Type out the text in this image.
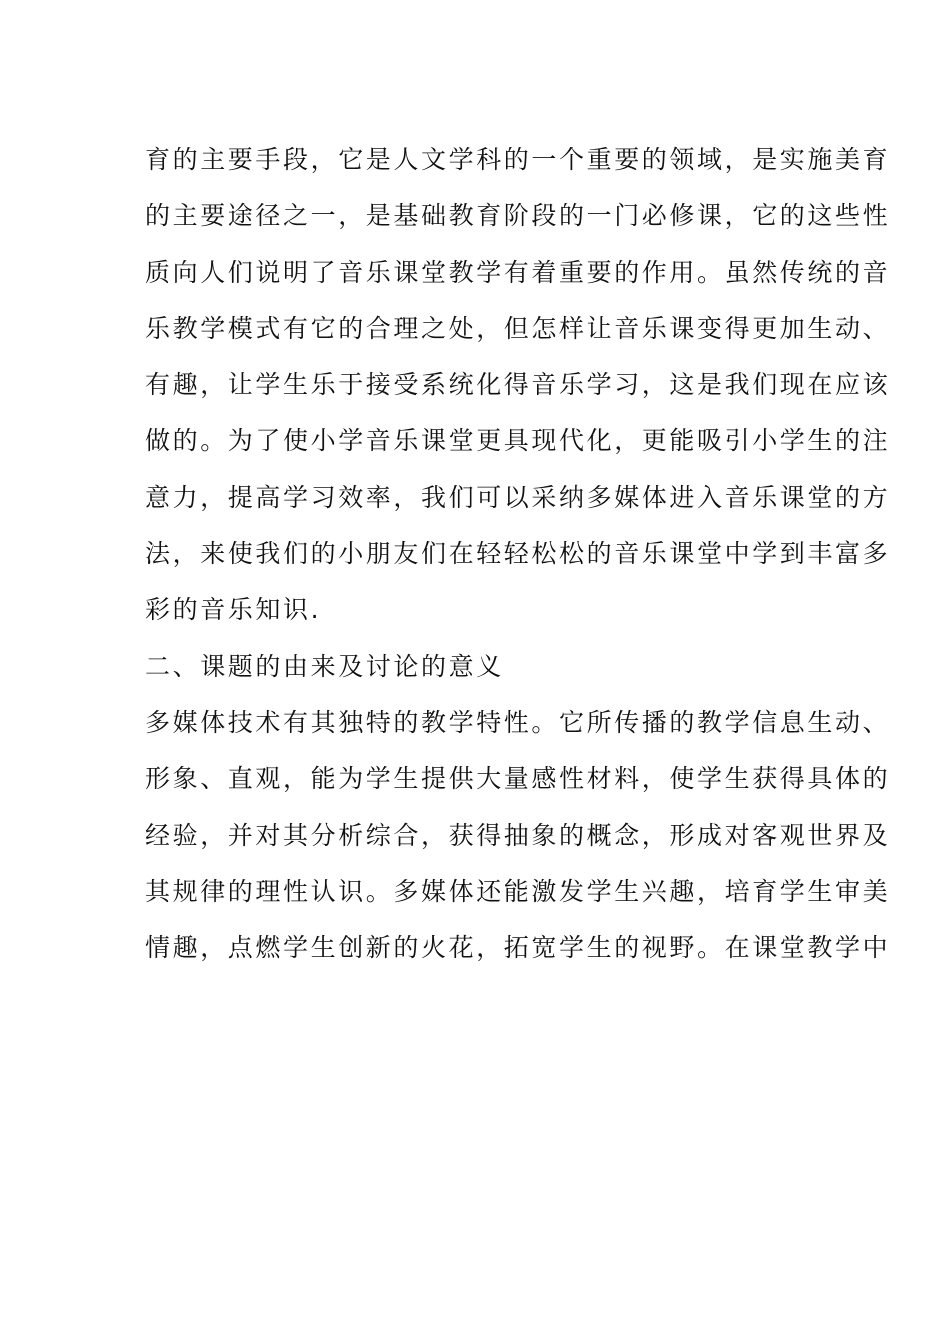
育的主要手段，它是人文学科的一个重要的领域，是实施美育
的主要途径之一，是基础教育阶段的一门必修课，它的这些性
质向人们说明了音乐课堂教学有着重要的作用。虽然传统的音
乐教学模式有它的合理之处，但怎样让音乐课变得更加生动、
有趣，让学生乐于接受系统化得音乐学习，这是我们现在应该
做的。为了使小学音乐课堂更具现代化，更能吸引小学生的注
意力，提高学习效率，我们可以采纳多媒体进入音乐课堂的方
法，来使我们的小朋友们在轻轻松松的音乐课堂中学到丰富多
彩的音乐知识.
二、课题的由来及讨论的意义
多媒体技术有其独特的教学特性。它所传播的教学信息生动、
形象、直观，能为学生提供大量感性材料，使学生获得具体的
经验，并对其分析综合，获得抽象的概念，形成对客观世界及
其规律的理性认识。多媒体还能激发学生兴趣，培育学生审美
情趣，点燃学生创新的火花，拓宽学生的视野。在课堂教学中
